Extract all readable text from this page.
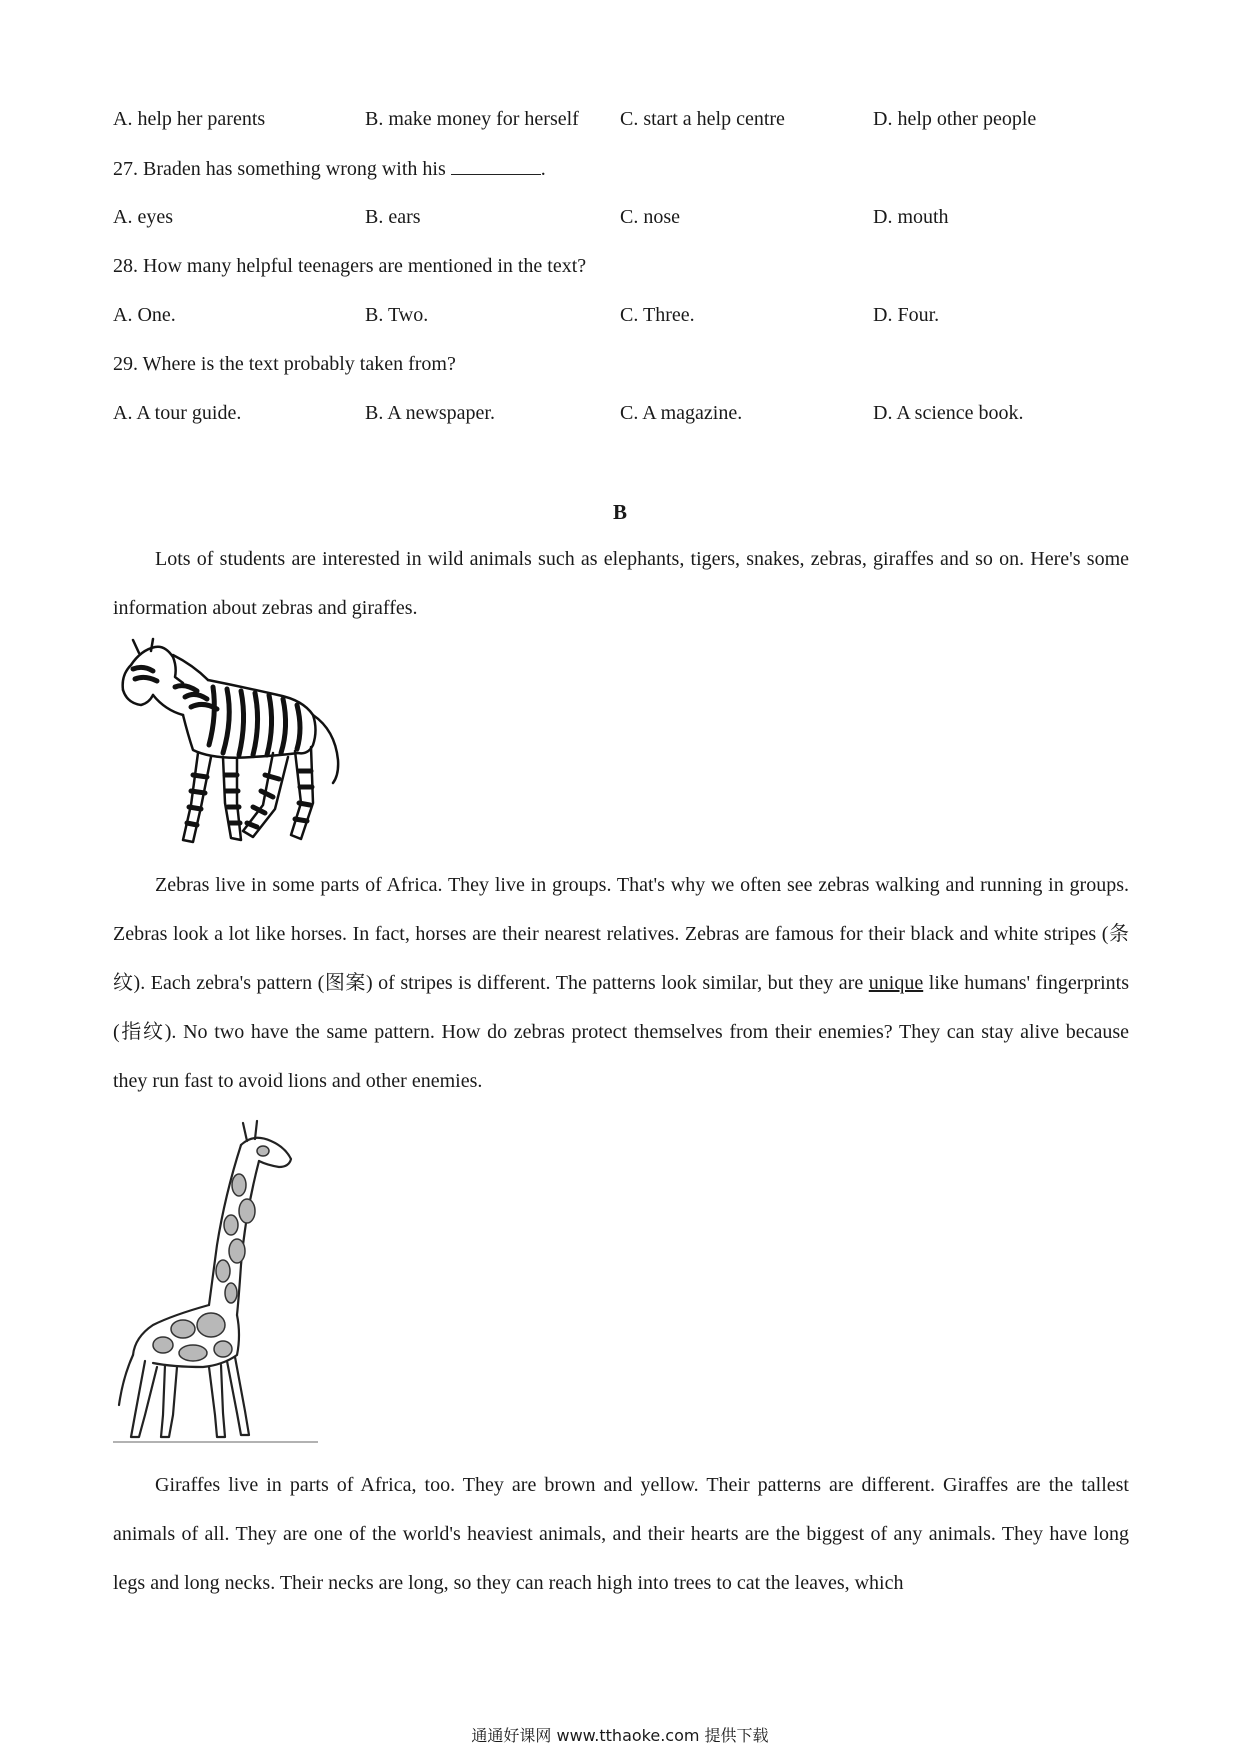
A. help her parents	B. make money for herself C. start a help centre	D. help other people
27. Braden has something wrong with his	.
A. eyes	B. ears	C. nose	D. mouth
28. How many helpful teenagers are mentioned in the text?
A. One.	B. Two.	C. Three.	D. Four.
29. Where is the text probably taken from?
A. A tour guide.	B. A newspaper.	C. A magazine.	D. A science book.
B

Lots of students are interested in wild animals such as elephants, tigers, snakes, zebras, giraffes and so on. Here's some information about zebras and giraffes.

Zebras live in some parts of Africa. They live in groups. That's why we often see zebras walking and running in groups. Zebras look a lot like horses. In fact, horses are their nearest relatives. Zebras are famous for their black and white stripes (条纹). Each zebra's pattern (图案) of stripes is different. The patterns look similar, but they are unique like humans' fingerprints (指纹). No two have the same pattern. How do zebras protect themselves from their enemies? They can stay alive because they run fast to avoid lions and other enemies.

Giraffes live in parts of Africa, too. They are brown and yellow. Their patterns are different. Giraffes are the tallest animals of all. They are one of the world's heaviest animals, and their hearts are the biggest of any animals. They have long legs and long necks. Their necks are long, so they can reach high into trees to cat the leaves, which

通通好课网 www.tthaoke.com 提供下载
